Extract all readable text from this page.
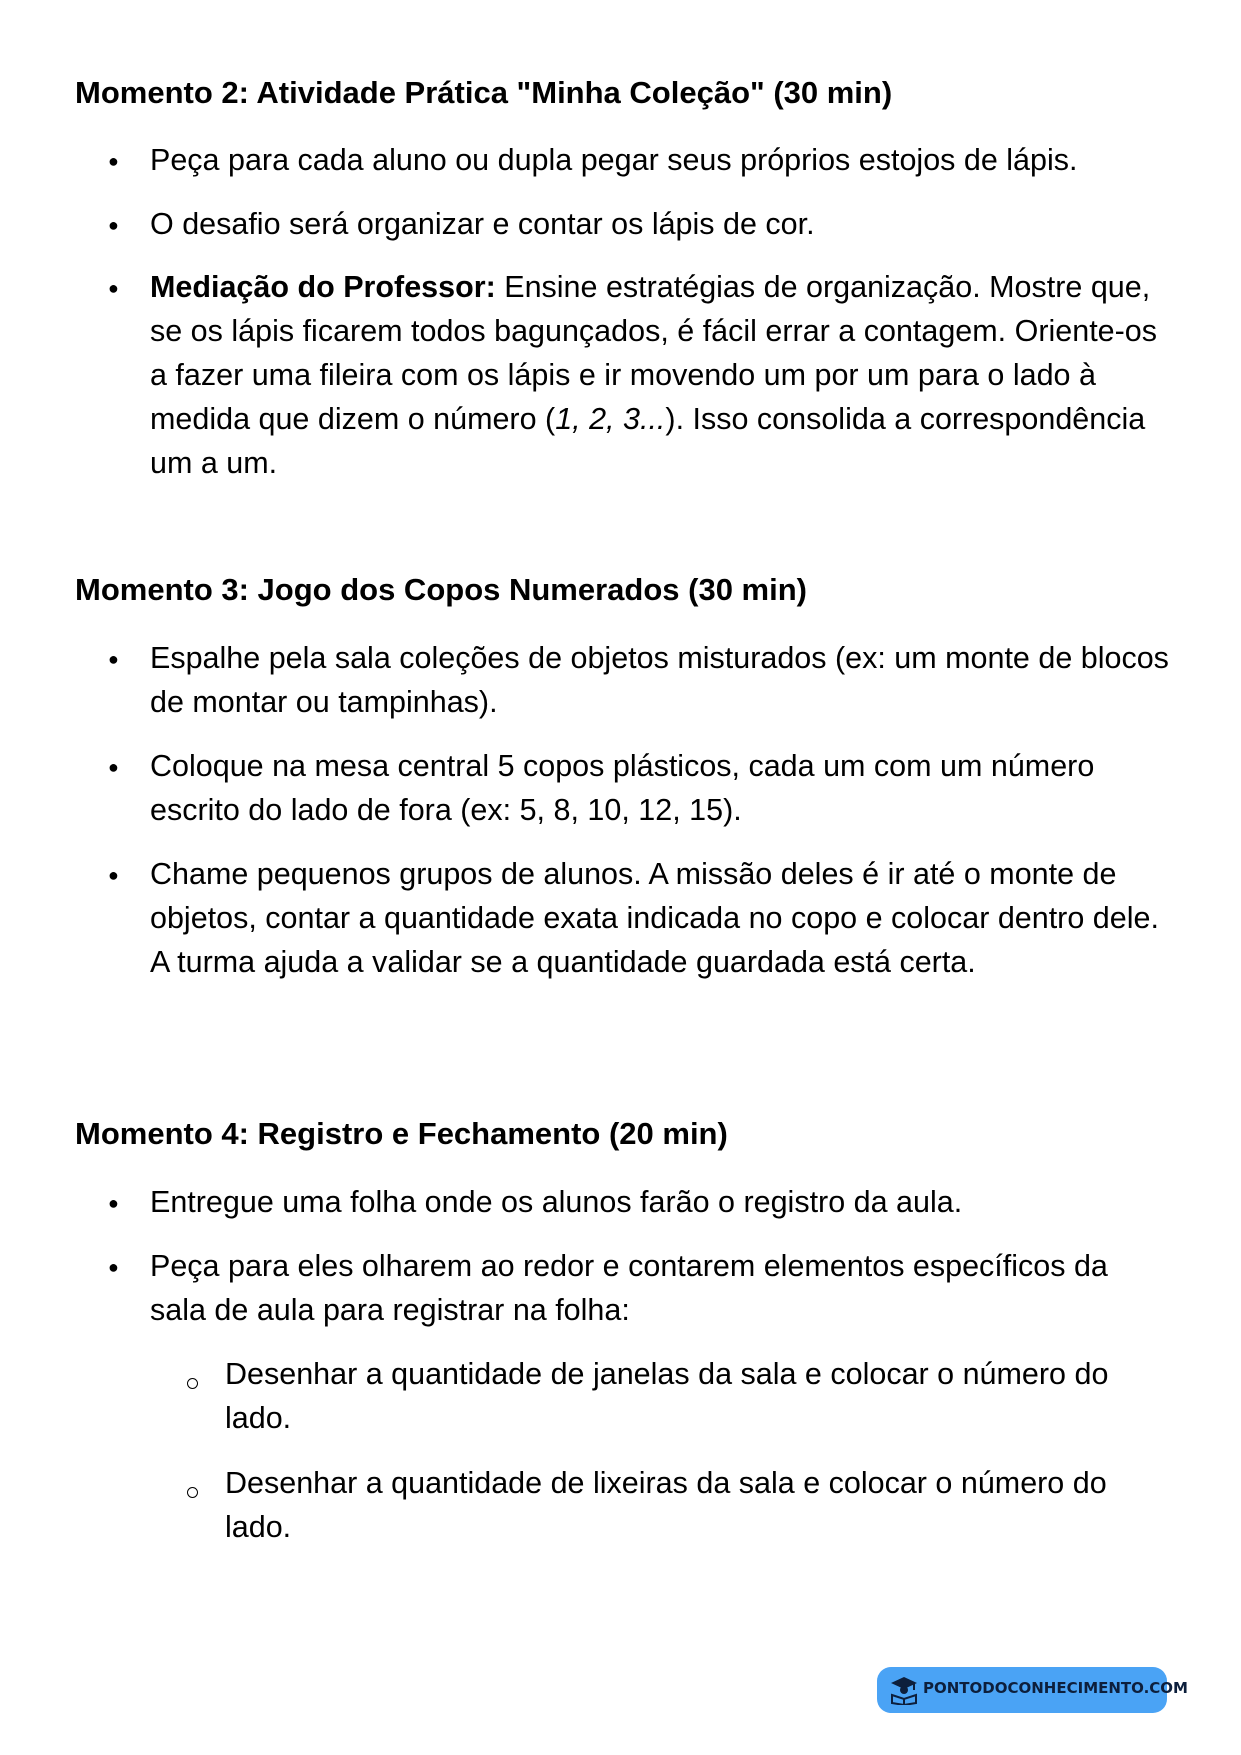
Momento 2: Atividade Prática "Minha Coleção" (30 min)
● Peça para cada aluno ou dupla pegar seus próprios estojos de lápis.

● O desafio será organizar e contar os lápis de cor.

● Mediação do Professor: Ensine estratégias de organização. Mostre que, se os lápis ficarem todos bagunçados, é fácil errar a contagem. Oriente-os a fazer uma fileira com os lápis e ir movendo um por um para o lado à medida que dizem o número (1, 2, 3...). Isso consolida a correspondência um a um.

Momento 3: Jogo dos Copos Numerados (30 min)
● Espalhe pela sala coleções de objetos misturados (ex: um monte de blocos de montar ou tampinhas).

● Coloque na mesa central 5 copos plásticos, cada um com um número escrito do lado de fora (ex: 5, 8, 10, 12, 15).

● Chame pequenos grupos de alunos. A missão deles é ir até o monte de objetos, contar a quantidade exata indicada no copo e colocar dentro dele. A turma ajuda a validar se a quantidade guardada está certa.

Momento 4: Registro e Fechamento (20 min)
● Entregue uma folha onde os alunos farão o registro da aula.

● Peça para eles olharem ao redor e contarem elementos específicos da sala de aula para registrar na folha:

Desenhar a quantidade de janelas da sala e colocar o número do lado.

Desenhar a quantidade de lixeiras da sala e colocar o número do lado.

PONTODOCONHECIMENTO.COM
